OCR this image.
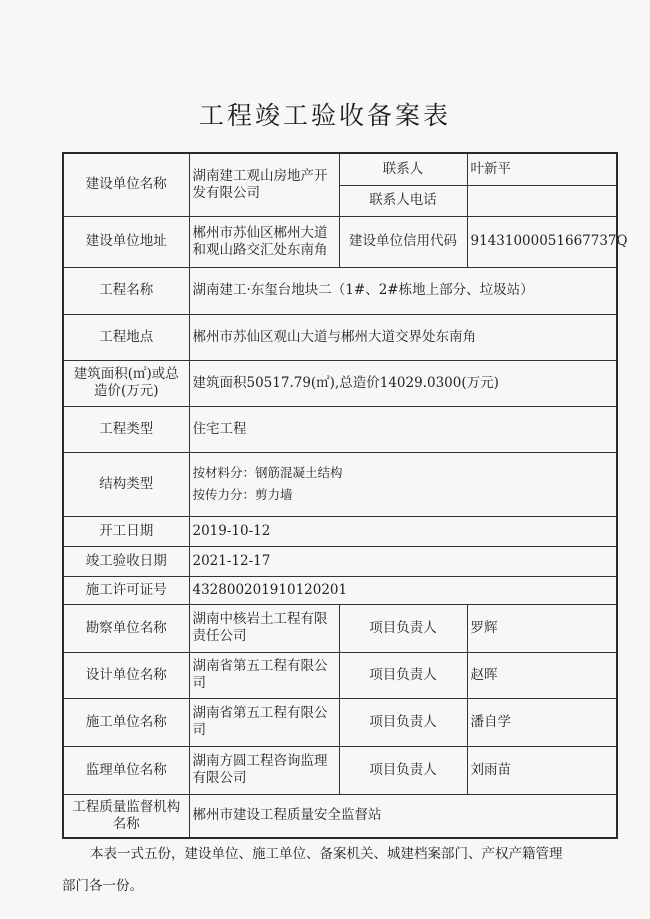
工程竣工验收备案表
建设单位名称	湖南建工观山房地产开发有限公司	联系人	叶新平
		联系人电话	
建设单位地址	郴州市苏仙区郴州大道和观山路交汇处东南角	建设单位信用代码	91431000051667737Q
工程名称	湖南建工·东玺台地块二（1#、2#栋地上部分、垃圾站）		
工程地点	郴州市苏仙区观山大道与郴州大道交界处东南角		
建筑面积(㎡)或总造价(万元)	建筑面积50517.79(㎡),总造价14029.0300(万元)		
工程类型	住宅工程		
结构类型	按材料分：钢筋混凝土结构
按传力分：剪力墙		

开工日期	2019-10-12		
竣工验收日期	2021-12-17		
施工许可证号	432800201910120201		
勘察单位名称	湖南中核岩土工程有限责任公司	项目负责人	罗辉
设计单位名称	湖南省第五工程有限公司	项目负责人	赵晖
施工单位名称	湖南省第五工程有限公司	项目负责人	潘自学
监理单位名称	湖南方圆工程咨询监理有限公司	项目负责人	刘雨苗
工程质量监督机构名称	郴州市建设工程质量安全监督站		

本表一式五份，建设单位、施工单位、备案机关、城建档案部门、产权产籍管理

部门各一份。
